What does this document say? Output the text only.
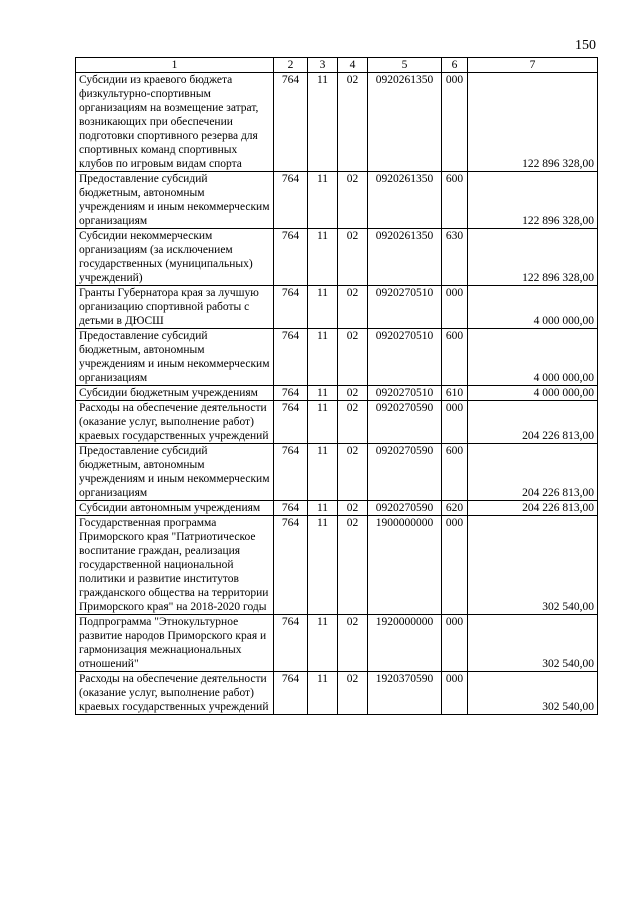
150
1	2	3	4	5	6	7
Субсидии из краевого бюджета физкультурно-спортивным организациям на возмещение затрат, возникающих при обеспечении подготовки спортивного резерва для спортивных команд спортивных клубов по игровым видам спорта	764	11	02	0920261350	000	122 896 328,00
Предоставление субсидий бюджетным, автономным учреждениям и иным некоммерческим организациям	764	11	02	0920261350	600	122 896 328,00
Субсидии некоммерческим организациям (за исключением государственных (муниципальных) учреждений)	764	11	02	0920261350	630	122 896 328,00
Гранты Губернатора края за лучшую организацию спортивной работы с детьми в ДЮСШ	764	11	02	0920270510	000	4 000 000,00
Предоставление субсидий бюджетным, автономным учреждениям и иным некоммерческим организациям	764	11	02	0920270510	600	4 000 000,00
Субсидии бюджетным учреждениям	764	11	02	0920270510	610	4 000 000,00
Расходы на обеспечение деятельности (оказание услуг, выполнение работ) краевых государственных учреждений	764	11	02	0920270590	000	204 226 813,00
Предоставление субсидий бюджетным, автономным учреждениям и иным некоммерческим организациям	764	11	02	0920270590	600	204 226 813,00
Субсидии автономным учреждениям	764	11	02	0920270590	620	204 226 813,00
Государственная программа Приморского края "Патриотическое воспитание граждан, реализация государственной национальной политики и развитие институтов гражданского общества на территории Приморского края" на 2018-2020 годы	764	11	02	1900000000	000	302 540,00
Подпрограмма "Этнокультурное развитие народов Приморского края и гармонизация межнациональных отношений"	764	11	02	1920000000	000	302 540,00
Расходы на обеспечение деятельности (оказание услуг, выполнение работ) краевых государственных учреждений	764	11	02	1920370590	000	302 540,00
